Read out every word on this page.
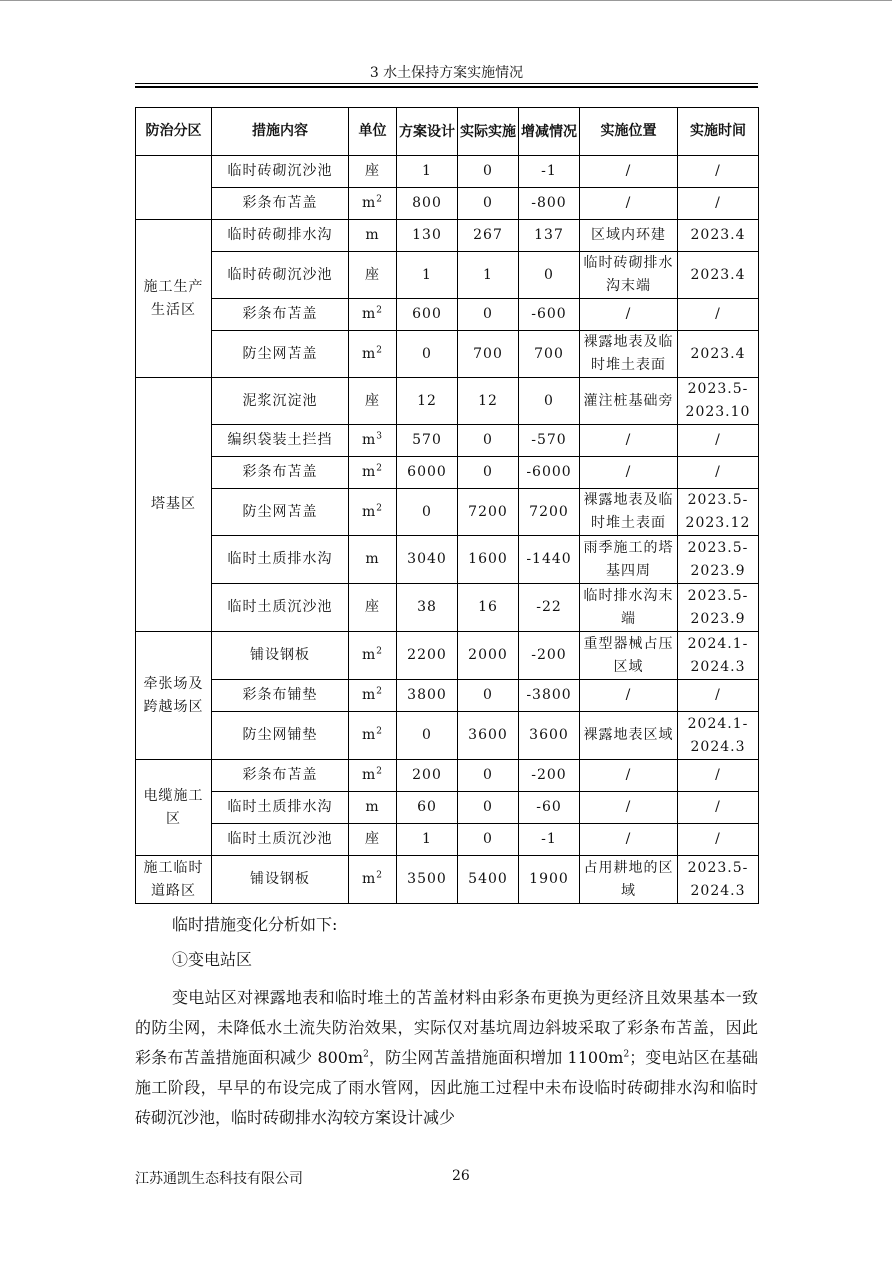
3 水土保持方案实施情况
防治分区	措施内容	单位	方案设计	实际实施	增减情况	实施位置	实施时间
	临时砖砌沉沙池	座	1	0	-1	/	/
	彩条布苫盖	$m^2$	800	0	-800	/	/
施工生产生活区	临时砖砌排水沟	m	130	267	137	区域内环建	2023.4
	临时砖砌沉沙池	座	1	1	0	临时砖砌排水沟末端	2023.4
	彩条布苫盖	$m^2$	600	0	-600	/	/
	防尘网苫盖	$m^2$	0	700	700	裸露地表及临时堆土表面	2023.4
塔基区	泥浆沉淀池	座	12	12	0	灌注桩基础旁	2023.5-2023.10
	编织袋装土拦挡	$m^3$	570	0	-570	/	/
	彩条布苫盖	$m^2$	6000	0	-6000	/	/
	防尘网苫盖	$m^2$	0	7200	7200	裸露地表及临时堆土表面	2023.5-2023.12
	临时土质排水沟	m	3040	1600	-1440	雨季施工的塔基四周	2023.5-2023.9
	临时土质沉沙池	座	38	16	-22	临时排水沟末端	2023.5-2023.9
牵张场及跨越场区	铺设钢板	$m^2$	2200	2000	-200	重型器械占压区域	2024.1-2024.3
	彩条布铺垫	$m^2$	3800	0	-3800	/	/
	防尘网铺垫	$m^2$	0	3600	3600	裸露地表区域	2024.1-2024.3
电缆施工区	彩条布苫盖	$m^2$	200	0	-200	/	/
	临时土质排水沟	m	60	0	-60	/	/
	临时土质沉沙池	座	1	0	-1	/	/
施工临时道路区	铺设钢板	$m^2$	3500	5400	1900	占用耕地的区域	2023.5-2024.3
临时措施变化分析如下:
①变电站区
变电站区对裸露地表和临时堆土的苫盖材料由彩条布更换为更经济且效果基本一致的防尘网，未降低水土流失防治效果，实际仅对基坑周边斜坡采取了彩条布苫盖，因此彩条布苫盖措施面积减少 $800m^2$，防尘网苫盖措施面积增加 $1100m^2$；变电站区在基础施工阶段，早早的布设完成了雨水管网，因此施工过程中未布设临时砖砌排水沟和临时砖砌沉沙池，临时砖砌排水沟较方案设计减少
江苏通凯生态科技有限公司	26
